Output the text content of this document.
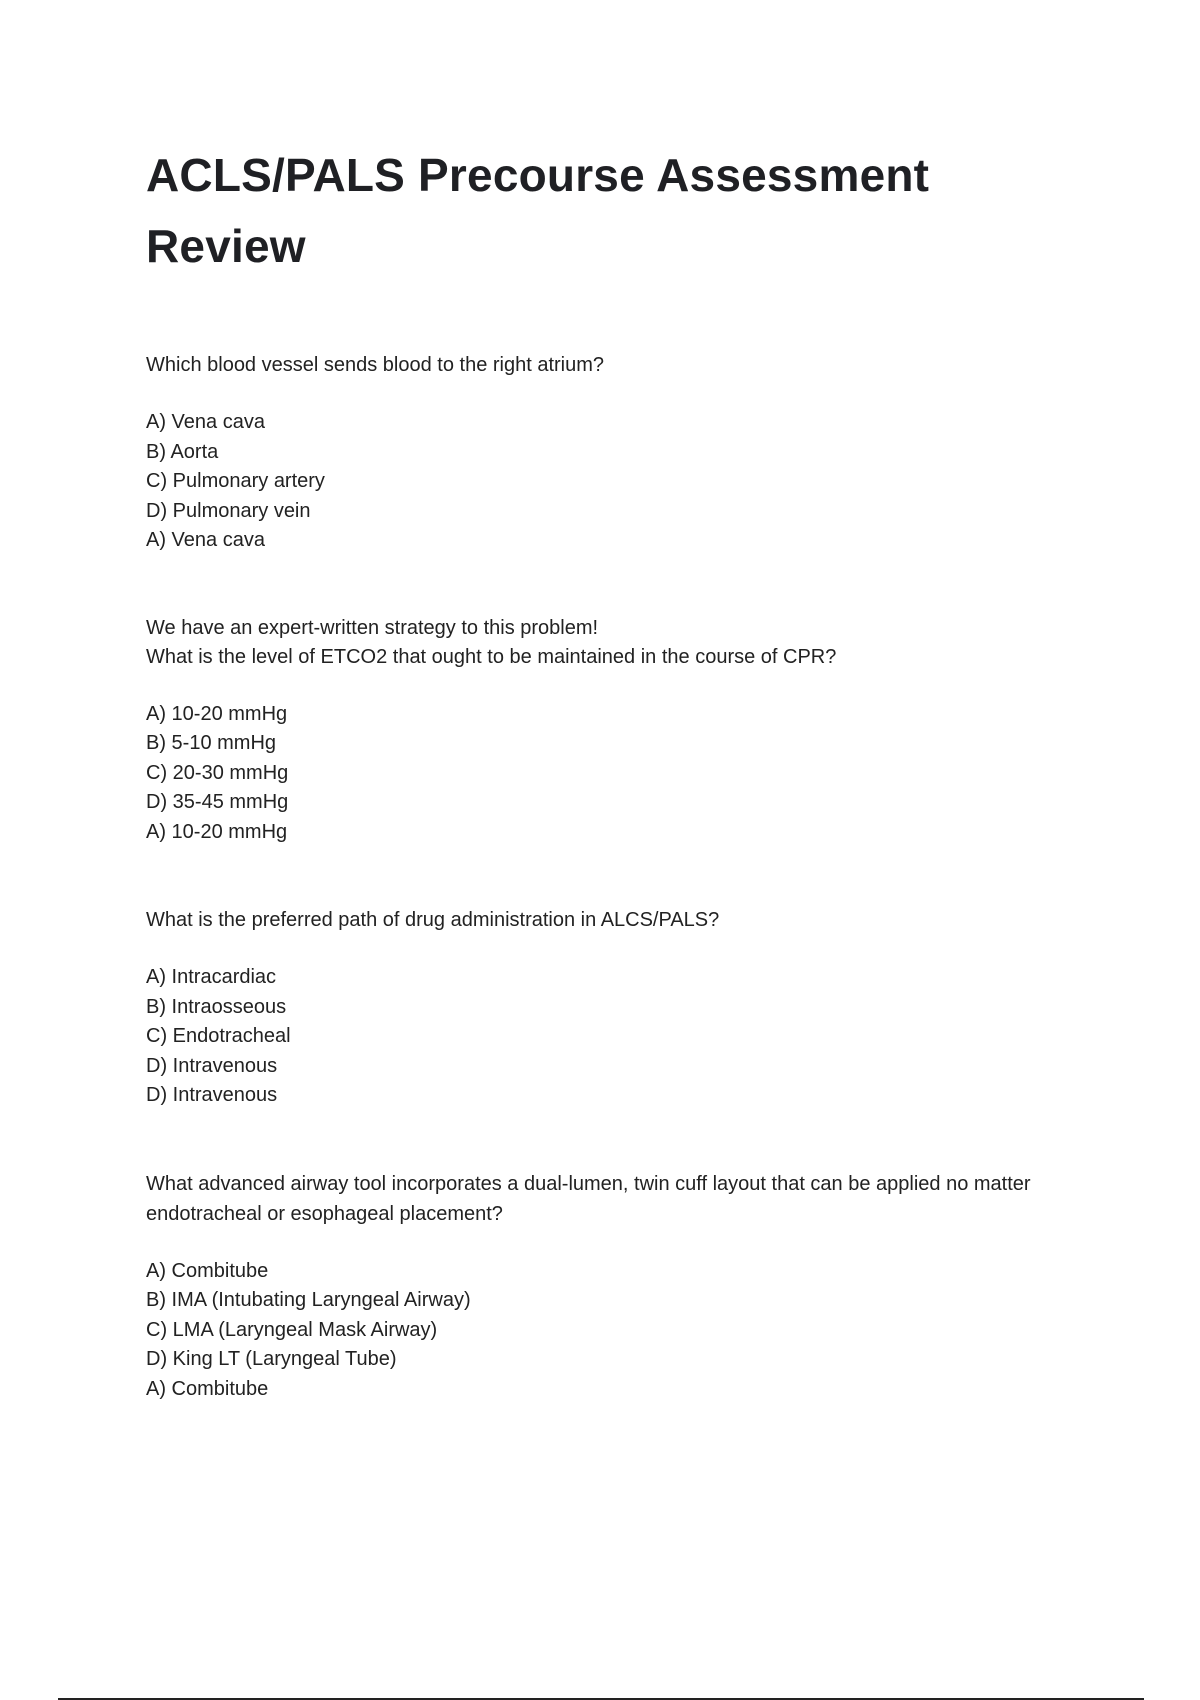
ACLS/PALS Precourse Assessment Review
Which blood vessel sends blood to the right atrium?
A) Vena cava
B) Aorta
C) Pulmonary artery
D) Pulmonary vein
A) Vena cava
We have an expert-written strategy to this problem!
What is the level of ETCO2 that ought to be maintained in the course of CPR?
A) 10-20 mmHg
B) 5-10 mmHg
C) 20-30 mmHg
D) 35-45 mmHg
A) 10-20 mmHg
What is the preferred path of drug administration in ALCS/PALS?
A) Intracardiac
B) Intraosseous
C) Endotracheal
D) Intravenous
D) Intravenous
What advanced airway tool incorporates a dual-lumen, twin cuff layout that can be applied no matter endotracheal or esophageal placement?
A) Combitube
B) IMA (Intubating Laryngeal Airway)
C) LMA (Laryngeal Mask Airway)
D) King LT (Laryngeal Tube)
A) Combitube
